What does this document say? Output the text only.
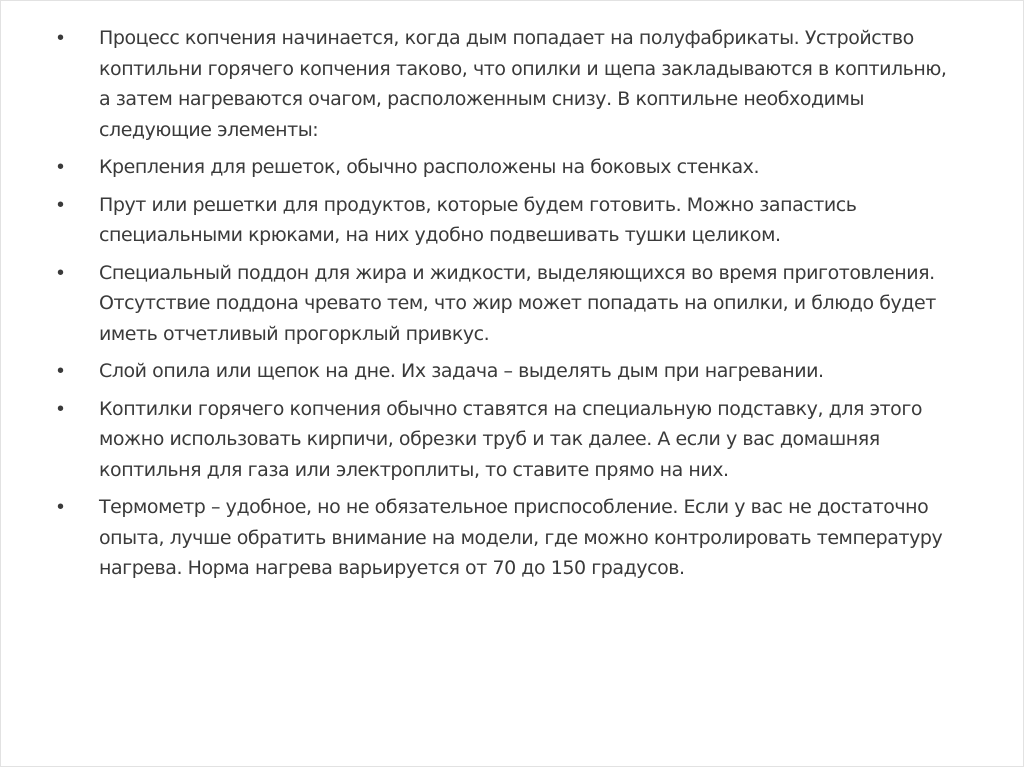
•	Процесс копчения начинается, когда дым попадает на полуфабрикаты. Устройство коптильни горячего копчения таково, что опилки и щепа закладываются в коптильню, а затем нагреваются очагом, расположенным снизу. В коптильне необходимы следующие элементы:
•	Крепления для решеток, обычно расположены на боковых стенках.
•	Прут или решетки для продуктов, которые будем готовить. Можно запастись специальными крюками, на них удобно подвешивать тушки целиком.
•	Специальный поддон для жира и жидкости, выделяющихся во время приготовления. Отсутствие поддона чревато тем, что жир может попадать на опилки, и блюдо будет иметь отчетливый прогорклый привкус.
•	Слой опила или щепок на дне. Их задача – выделять дым при нагревании.
•	Коптилки горячего копчения обычно ставятся на специальную подставку, для этого можно использовать кирпичи, обрезки труб и так далее. А если у вас домашняя коптильня для газа или электроплиты, то ставите прямо на них.
•	Термометр – удобное, но не обязательное приспособление. Если у вас не достаточно опыта, лучше обратить внимание на модели, где можно контролировать температуру нагрева. Норма нагрева варьируется от 70 до 150 градусов.
